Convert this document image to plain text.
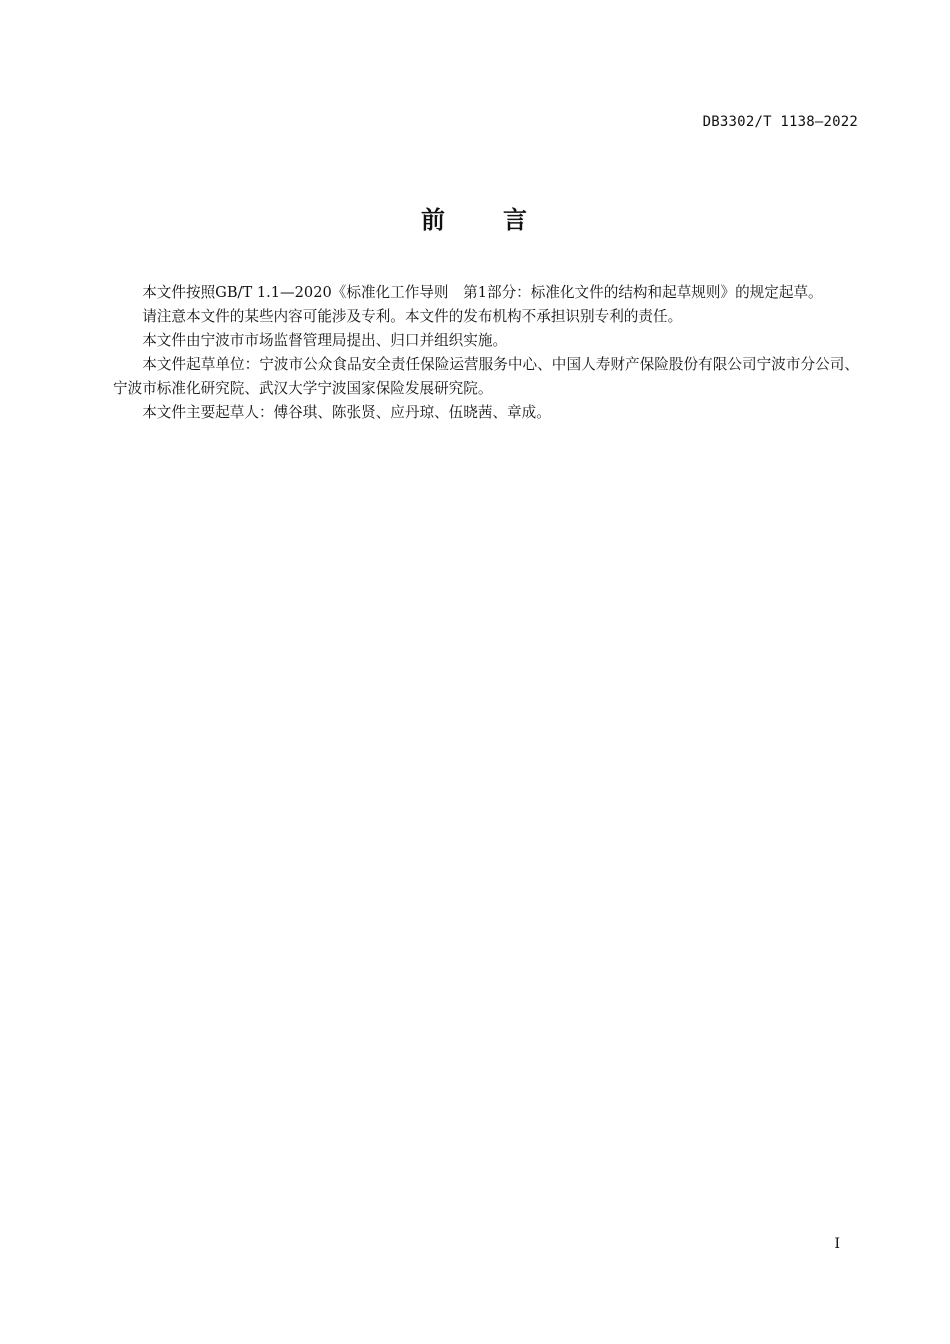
DB3302/T 1138—2022
前 言

本文件按照GB/T 1.1—2020《标准化工作导则　第1部分：标准化文件的结构和起草规则》的规定起草。

请注意本文件的某些内容可能涉及专利。本文件的发布机构不承担识别专利的责任。

本文件由宁波市市场监督管理局提出、归口并组织实施。

本文件起草单位：宁波市公众食品安全责任保险运营服务中心、中国人寿财产保险股份有限公司宁波市分公司、宁波市标准化研究院、武汉大学宁波国家保险发展研究院。

本文件主要起草人：傅谷琪、陈张贤、应丹琼、伍晓茜、章成。

I
